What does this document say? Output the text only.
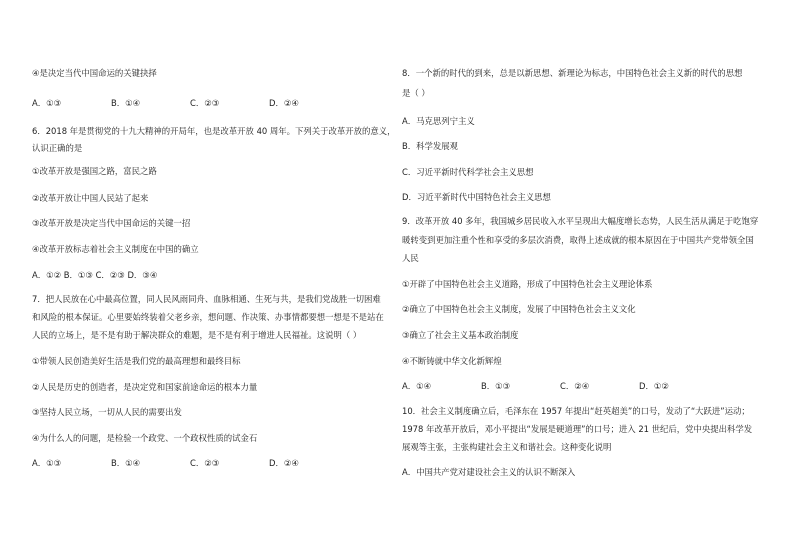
④是决定当代中国命运的关键抉择
A．①③	B．①④	C．②③	D．②④
6．2018 年是贯彻党的十九大精神的开局年，也是改革开放 40 周年。下列关于改革开放的意义，
认识正确的是
①改革开放是强国之路，富民之路
②改革开放让中国人民站了起来
③改革开放是决定当代中国命运的关键一招
④改革开放标志着社会主义制度在中国的确立
A．①② B．①③ C．②③ D．③④
7．把人民放在心中最高位置，同人民风雨同舟、血脉相通、生死与共，是我们党战胜一切困难
和风险的根本保证。心里要始终装着父老乡亲，想问题、作决策、办事情都要想一想是不是站在
人民的立场上，是不是有助于解决群众的难题，是不是有利于增进人民福祉。这说明（ ）
①带领人民创造美好生活是我们党的最高理想和最终目标
②人民是历史的创造者，是决定党和国家前途命运的根本力量
③坚持人民立场，一切从人民的需要出发
④为什么人的问题，是检验一个政党、一个政权性质的试金石
A．①③	B．①④	C．②③	D．②④
8．一个新的时代的到来，总是以新思想、新理论为标志，中国特色社会主义新的时代的思想
是（ ）
A．马克思列宁主义
B．科学发展观
C．习近平新时代科学社会主义思想
D．习近平新时代中国特色社会主义思想
9．改革开放 40 多年，我国城乡居民收入水平呈现出大幅度增长态势，人民生活从满足于吃饱穿
暖转变到更加注重个性和享受的多层次消费，取得上述成就的根本原因在于中国共产党带领全国
人民
①开辟了中国特色社会主义道路，形成了中国特色社会主义理论体系
②确立了中国特色社会主义制度，发展了中国特色社会主义文化
③确立了社会主义基本政治制度
④不断铸就中华文化新辉煌
A．①④	B．①③	C．②④	D．①②
10．社会主义制度确立后，毛泽东在 1957 年提出“赶英超美”的口号，发动了“大跃进”运动；
1978 年改革开放后，邓小平提出“发展是硬道理”的口号；进入 21 世纪后，党中央提出科学发
展观等主张，主张构建社会主义和谐社会。这种变化说明
A．中国共产党对建设社会主义的认识不断深入
